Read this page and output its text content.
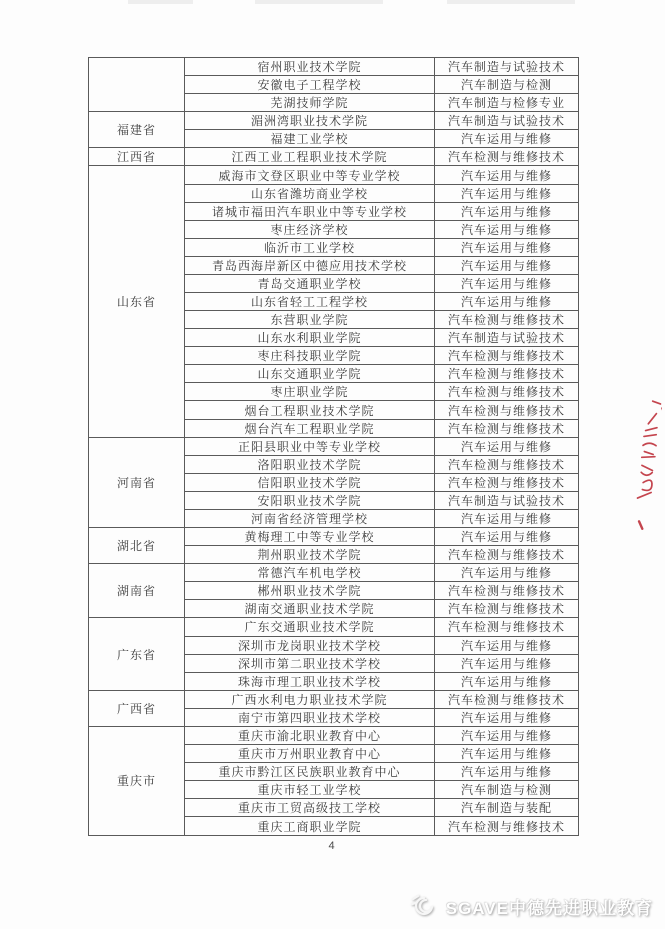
	宿州职业技术学院	汽车制造与试验技术
	安徽电子工程学校	汽车制造与检测
	芜湖技师学院	汽车制造与检修专业
福建省	湄洲湾职业技术学院	汽车制造与试验技术
	福建工业学校	汽车运用与维修
江西省	江西工业工程职业技术学院	汽车检测与维修技术
山东省	威海市文登区职业中等专业学校	汽车运用与维修
	山东省潍坊商业学校	汽车运用与维修
	诸城市福田汽车职业中等专业学校	汽车运用与维修
	枣庄经济学校	汽车运用与维修
	临沂市工业学校	汽车运用与维修
	青岛西海岸新区中德应用技术学校	汽车运用与维修
	青岛交通职业学校	汽车运用与维修
	山东省轻工工程学校	汽车运用与维修
	东营职业学院	汽车检测与维修技术
	山东水利职业学院	汽车制造与试验技术
	枣庄科技职业学院	汽车检测与维修技术
	山东交通职业学院	汽车检测与维修技术
	枣庄职业学院	汽车检测与维修技术
	烟台工程职业技术学院	汽车检测与维修技术
	烟台汽车工程职业学院	汽车检测与维修技术
河南省	正阳县职业中等专业学校	汽车运用与维修
	洛阳职业技术学院	汽车检测与维修技术
	信阳职业技术学院	汽车检测与维修技术
	安阳职业技术学院	汽车制造与试验技术
	河南省经济管理学校	汽车运用与维修
湖北省	黄梅理工中等专业学校	汽车运用与维修
	荆州职业技术学院	汽车检测与维修技术
湖南省	常德汽车机电学校	汽车运用与维修
	郴州职业技术学院	汽车检测与维修技术
	湖南交通职业技术学院	汽车检测与维修技术
广东省	广东交通职业技术学院	汽车检测与维修技术
	深圳市龙岗职业技术学校	汽车运用与维修
	深圳市第二职业技术学校	汽车运用与维修
	珠海市理工职业技术学校	汽车运用与维修
广西省	广西水利电力职业技术学院	汽车检测与维修技术
	南宁市第四职业技术学校	汽车运用与维修
重庆市	重庆市渝北职业教育中心	汽车运用与维修
	重庆市万州职业教育中心	汽车运用与维修
	重庆市黔江区民族职业教育中心	汽车运用与维修
	重庆市轻工业学校	汽车制造与检测
	重庆市工贸高级技工学校	汽车制造与装配
	重庆工商职业学院	汽车检测与维修技术
4
SGAVE中德先进职业教育
